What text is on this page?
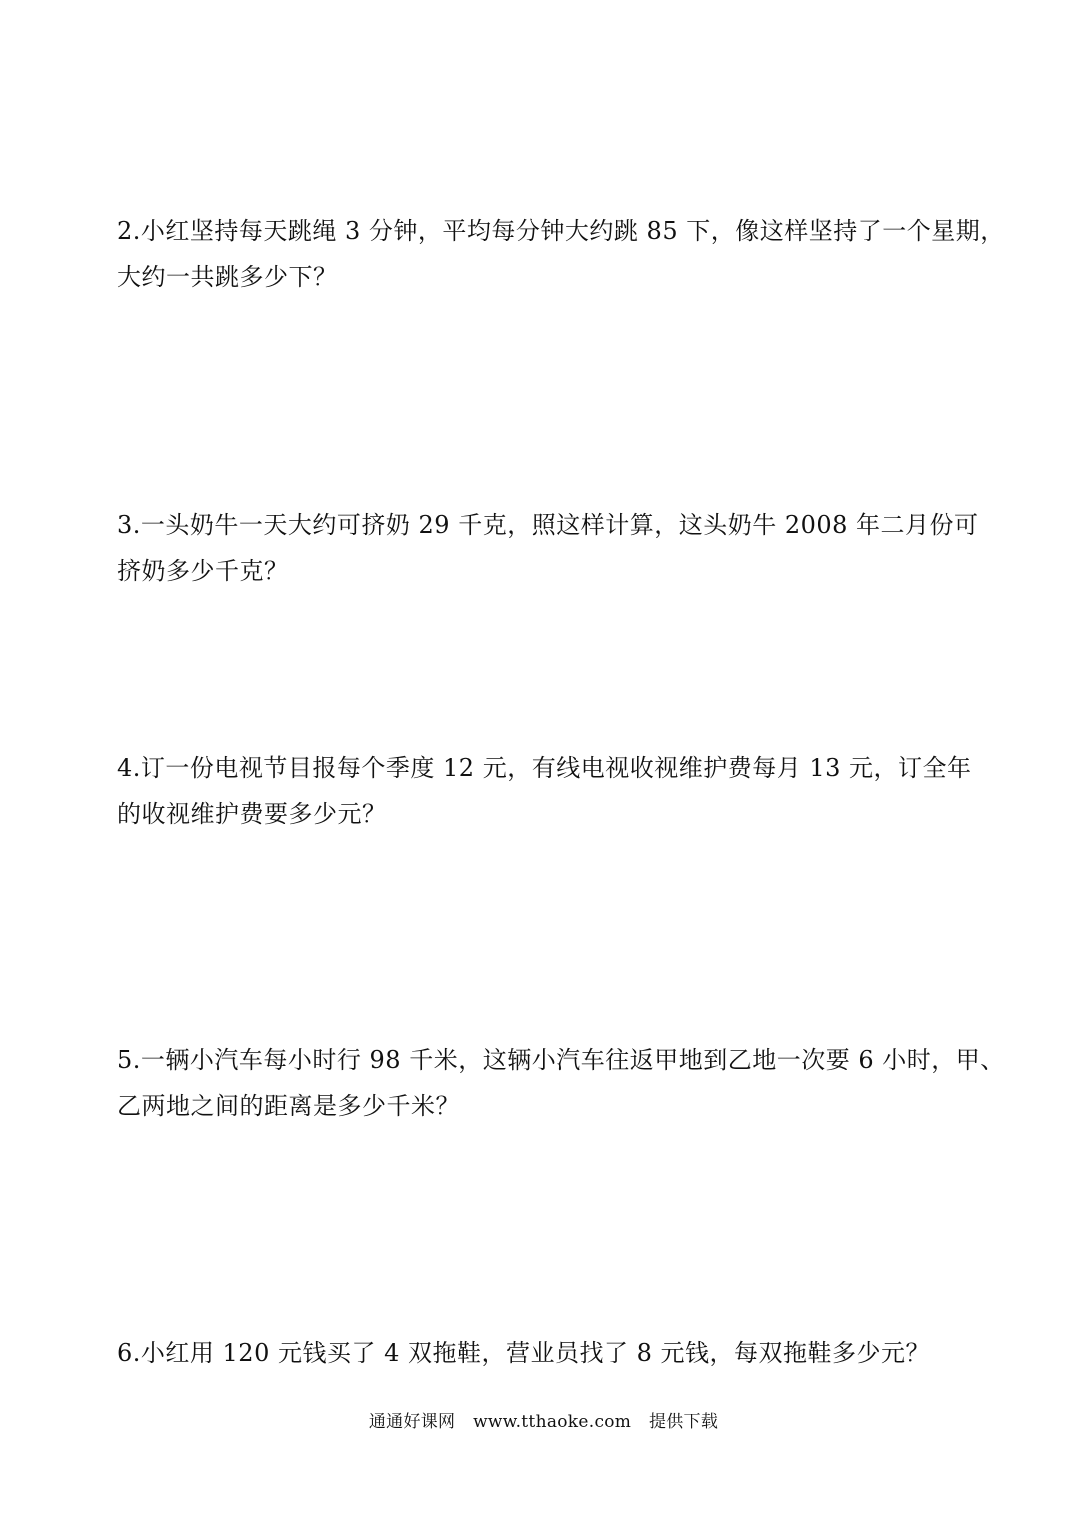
2.小红坚持每天跳绳 3 分钟，平均每分钟大约跳 85 下，像这样坚持了一个星期，
大约一共跳多少下？
3.一头奶牛一天大约可挤奶 29 千克，照这样计算，这头奶牛 2008 年二月份可
挤奶多少千克？
4.订一份电视节目报每个季度 12 元，有线电视收视维护费每月 13 元，订全年
的收视维护费要多少元？
5.一辆小汽车每小时行 98 千米，这辆小汽车往返甲地到乙地一次要 6 小时，甲、
乙两地之间的距离是多少千米？
6.小红用 120 元钱买了 4 双拖鞋，营业员找了 8 元钱，每双拖鞋多少元？
通通好课网 www.tthaoke.com 提供下载
